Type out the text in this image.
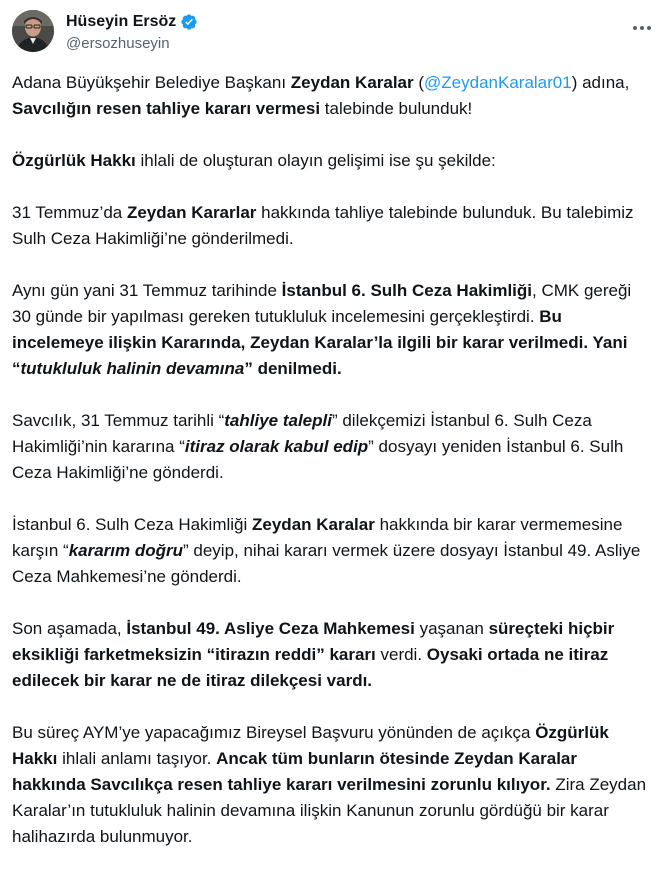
Hüseyin Ersöz
@ersozhuseyin

Adana Büyükşehir Belediye Başkanı Zeydan Karalar (@ZeydanKaralar01) adına, Savcılığın resen tahliye kararı vermesi talebinde bulunduk!

Özgürlük Hakkı ihlali de oluşturan olayın gelişimi ise şu şekilde:

31 Temmuz’da Zeydan Kararlar hakkında tahliye talebinde bulunduk. Bu talebimiz Sulh Ceza Hakimliği’ne gönderilmedi.

Aynı gün yani 31 Temmuz tarihinde İstanbul 6. Sulh Ceza Hakimliği, CMK gereği 30 günde bir yapılması gereken tutukluluk incelemesini gerçekleştirdi. Bu incelemeye ilişkin Kararında, Zeydan Karalar’la ilgili bir karar verilmedi. Yani “tutukluluk halinin devamına” denilmedi.

Savcılık, 31 Temmuz tarihli “tahliye talepli” dilekçemizi İstanbul 6. Sulh Ceza Hakimliği’nin kararına “itiraz olarak kabul edip” dosyayı yeniden İstanbul 6. Sulh Ceza Hakimliği’ne gönderdi.

İstanbul 6. Sulh Ceza Hakimliği Zeydan Karalar hakkında bir karar vermemesine karşın “kararım doğru” deyip, nihai kararı vermek üzere dosyayı İstanbul 49. Asliye Ceza Mahkemesi’ne gönderdi.

Son aşamada, İstanbul 49. Asliye Ceza Mahkemesi yaşanan süreçteki hiçbir eksikliği farketmeksizin “itirazın reddi” kararı verdi. Oysaki ortada ne itiraz edilecek bir karar ne de itiraz dilekçesi vardı.

Bu süreç AYM’ye yapacağımız Bireysel Başvuru yönünden de açıkça Özgürlük Hakkı ihlali anlamı taşıyor. Ancak tüm bunların ötesinde Zeydan Karalar hakkında Savcılıkça resen tahliye kararı verilmesini zorunlu kılıyor. Zira Zeydan Karalar’ın tutukluluk halinin devamına ilişkin Kanunun zorunlu gördüğü bir karar halihazırda bulunmuyor.
